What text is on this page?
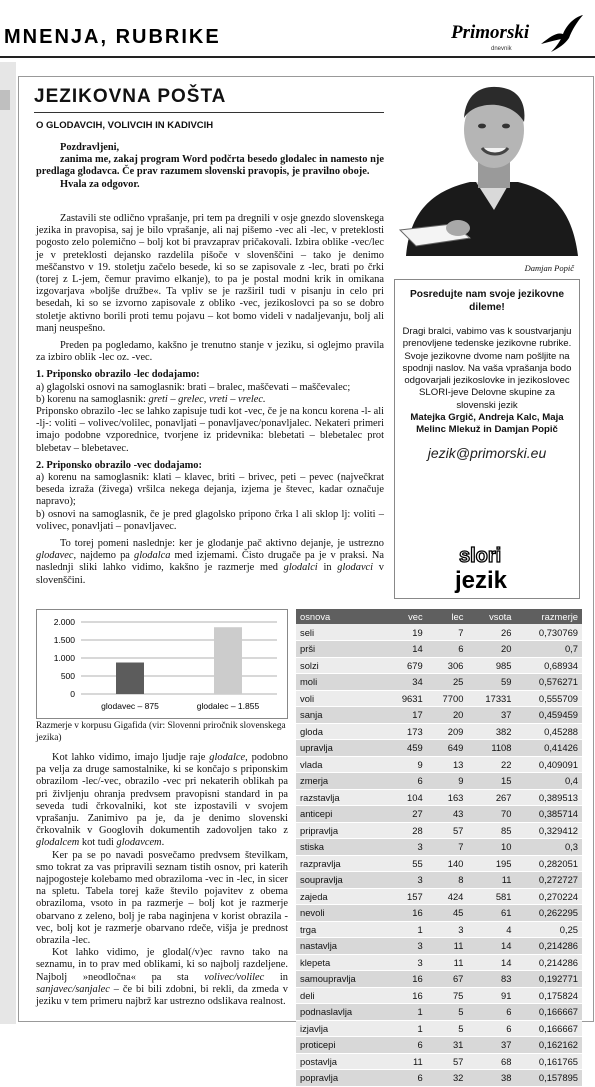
MNENJA, RUBRIKE	Primorski
dnevnik
JEZIKOVNA POŠTA
O GLODAVCIH, VOLIVCIH IN KADIVCIH

Pozdravljeni,

zanima me, zakaj program Word podčrta besedo glodalec in namesto nje predlaga glodavca. Če prav razumem slovenski pravopis, je pravilno oboje.

Hvala za odgovor.

Zastavili ste odlično vprašanje, pri tem pa dregnili v osje gnezdo slovenskega jezika in pravopisa, saj je bilo vprašanje, ali naj pišemo -vec ali -lec, v preteklosti pogosto zelo polemično – bolj kot bi pravzaprav pričakovali. Izbira oblike -vec/lec je v preteklosti dejansko razdelila pišoče v slovenščini – tako je denimo meščanstvo v 19. stoletju začelo besede, ki so se zapisovale z -lec, brati po črki (torej z L-jem, čemur pravimo elkanje), to pa je postal modni krik in omikana izgovarjava »boljše družbe«. Ta vpliv se je razširil tudi v pisanju in celo pri besedah, ki so se izvorno zapisovale z obliko -vec, jezikoslovci pa so se dobro stoletje aktivno borili proti temu pojavu – kot bomo videli v nadaljevanju, bolj ali manj neuspešno.

Preden pa pogledamo, kakšno je trenutno stanje v jeziku, si oglejmo pravila za izbiro oblik -lec oz. -vec.

1. Priponsko obrazilo -lec dodajamo:

a) glagolski osnovi na samoglasnik: brati – bralec, maščevati – maščevalec;

b) korenu na samoglasnik: greti – grelec, vreti – vrelec.

Priponsko obrazilo -lec se lahko zapisuje tudi kot -vec, če je na koncu korena -l- ali -lj-: voliti – volivec/volilec, ponavljati – ponavljavec/ponavljalec. Nekateri primeri imajo podobne vzporednice, tvorjene iz pridevnika: blebetati – blebetalec prot blebetav – blebetavec.

2. Priponsko obrazilo -vec dodajamo:

a) korenu na samoglasnik: klati – klavec, briti – brivec, peti – pevec (največkrat beseda izraža (živega) vršilca nekega dejanja, izjema je števec, kadar označuje napravo);

b) osnovi na samoglasnik, če je pred glagolsko pripono črka l ali sklop lj: voliti – volivec, ponavljati – ponavljavec.

To torej pomeni naslednje: ker je glodanje pač aktivno dejanje, je ustrezno glodavec, najdemo pa glodalca med izjemami. Čisto drugače pa je v praksi. Na naslednji sliki lahko vidimo, kakšno je razmerje med glodalci in glodavci v slovenščini.

Damjan Popič
Posredujte nam svoje jezikovne dileme!
Dragi bralci, vabimo vas k soustvarjanju prenovljene tedenske jezikovne rubrike. Svoje jezikovne dvome nam pošljite na spodnji naslov. Na vaša vprašanja bodo odgovarjali jezikoslovke in jezikoslovec SLORI-jeve Delovne skupine za slovenski jezik
Matejka Grgič, Andreja Kalc, Maja Melinc Mlekuž in Damjan Popič
jezik@primorski.eu
slori
jezik
2.000
1.500
1.000
500
0
glodavec – 875	glodalec – 1.855
Razmerje v korpusu Gigafida (vir: Slovenni priročnik slovenskega jezika)

Kot lahko vidimo, imajo ljudje raje glodalce, podobno pa velja za druge samostalnike, ki se končajo s priponskim obrazilom -lec/-vec, obrazilo -vec pri nekaterih oblikah pa pri življenju ohranja predvsem pravopisni standard in pa seveda tudi črkovalniki, kot ste izpostavili v svojem vprašanju. Zanimivo pa je, da je denimo slovenski črkovalnik v Googlovih dokumentih zadovoljen tako z glodalcem kot tudi glodavcem.

Ker pa se po navadi posvečamo predvsem številkam, smo tokrat za vas pripravili seznam tistih osnov, pri katerih najpogosteje kolebamo med obraziloma -vec in -lec, in sicer na spletu. Tabela torej kaže število pojavitev z obema obraziloma, vsoto in pa razmerje – bolj kot je razmerje obarvano z zeleno, bolj je raba naginjena v korist obrazila -vec, bolj kot je razmerje obarvano rdeče, višja je prednost obrazila -lec.

Kot lahko vidimo, je glodal(/v)ec ravno tako na seznamu, in to prav med oblikami, ki so najbolj razdeljene. Najbolj »neodločna« pa sta volivec/volilec in sanjavec/sanjalec – če bi bili zdobni, bi rekli, da zmeda v jeziku v tem primeru najbrž kar ustrezno odslikava realnost.

osnova	vec	lec	vsota	razmerje
seli	19	7	26	0,730769
prši	14	6	20	0,7
solzi	679	306	985	0,68934
moli	34	25	59	0,576271
voli	9631	7700	17331	0,555709
sanja	17	20	37	0,459459
gloda	173	209	382	0,45288
upravlja	459	649	1108	0,41426
vlada	9	13	22	0,409091
zmerja	6	9	15	0,4
razstavlja	104	163	267	0,389513
anticepi	27	43	70	0,385714
pripravlja	28	57	85	0,329412
stiska	3	7	10	0,3
razpravlja	55	140	195	0,282051
soupravlja	3	8	11	0,272727
zajeda	157	424	581	0,270224
nevoli	16	45	61	0,262295
trga	1	3	4	0,25
nastavlja	3	11	14	0,214286
klepeta	3	11	14	0,214286
samoupravlja	16	67	83	0,192771
deli	16	75	91	0,175824
podnaslavlja	1	5	6	0,166667
izjavlja	1	5	6	0,166667
proticepi	6	31	37	0,162162
postavlja	11	57	68	0,161765
popravlja	6	32	38	0,157895
